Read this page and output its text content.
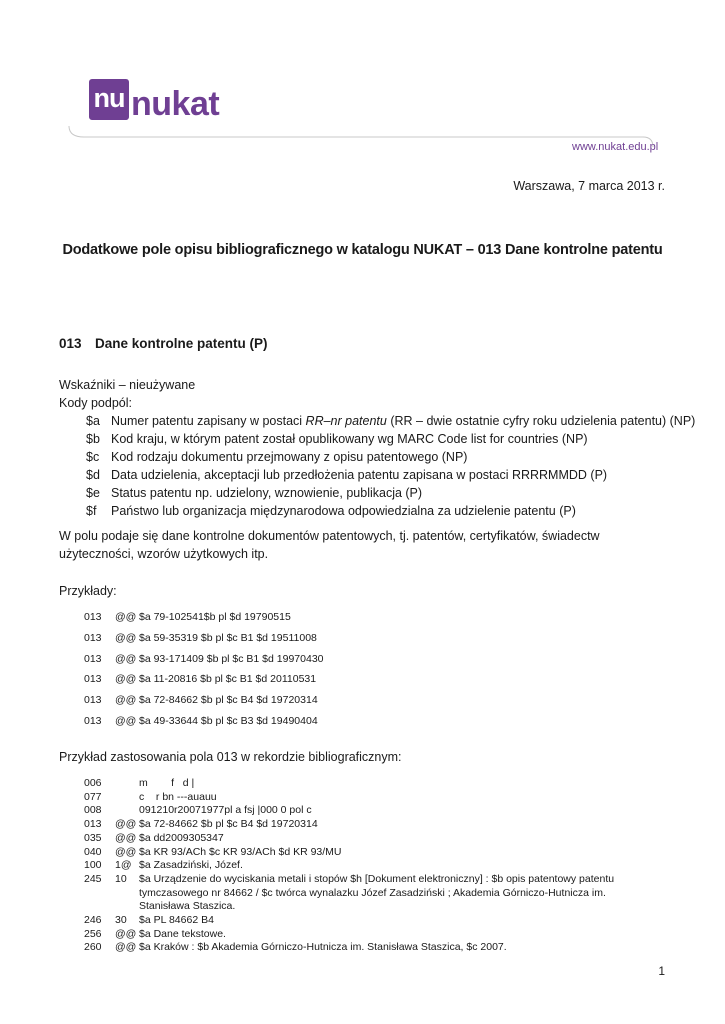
nu nukat
www.nukat.edu.pl
Warszawa, 7 marca 2013 r.
Dodatkowe pole opisu bibliograficznego w katalogu NUKAT – 013 Dane kontrolne patentu
013 Dane kontrolne patentu (P)
Wskaźniki – nieużywane
Kody podpól:
$a Numer patentu zapisany w postaci RR–nr patentu (RR – dwie ostatnie cyfry roku udzielenia patentu) (NP)
$b Kod kraju, w którym patent został opublikowany wg MARC Code list for countries (NP)
$c Kod rodzaju dokumentu przejmowany z opisu patentowego (NP)
$d Data udzielenia, akceptacji lub przedłożenia patentu zapisana w postaci RRRRMMDD (P)
$e Status patentu np. udzielony, wznowienie, publikacja (P)
$f Państwo lub organizacja międzynarodowa odpowiedzialna za udzielenie patentu (P)
W polu podaje się dane kontrolne dokumentów patentowych, tj. patentów, certyfikatów, świadectw użyteczności, wzorów użytkowych itp.
Przykłady:
013 @@ $a 79-102541$b pl $d 19790515
013 @@ $a 59-35319 $b pl $c B1 $d 19511008
013 @@ $a 93-171409 $b pl $c B1 $d 19970430
013 @@ $a 11-20816 $b pl $c B1 $d 20110531
013 @@ $a 72-84662 $b pl $c B4 $d 19720314
013 @@ $a 49-33644 $b pl $c B3 $d 19490404
Przykład zastosowania pola 013 w rekordzie bibliograficznym:
006	m        f   d |
077	c    r bn ---auauu
008	091210r20071977pl a fsj |000 0 pol c
013	@@ $a 72-84662 $b pl $c B4 $d 19720314
035	@@ $a dd2009305347
040	@@ $a KR 93/ACh $c KR 93/ACh $d KR 93/MU
100	1@ $a Zasadziński, Józef.
245	10	$a Urządzenie do wyciskania metali i stopów $h [Dokument elektroniczny] : $b opis patentowy patentu tymczasowego nr 84662 / $c twórca wynalazku Józef Zasadziński ; Akademia Górniczo-Hutnicza im. Stanisława Staszica.
246	30	$a PL 84662 B4
256	@@ $a Dane tekstowe.
260	@@ $a Kraków : $b Akademia Górniczo-Hutnicza im. Stanisława Staszica, $c 2007.
1
